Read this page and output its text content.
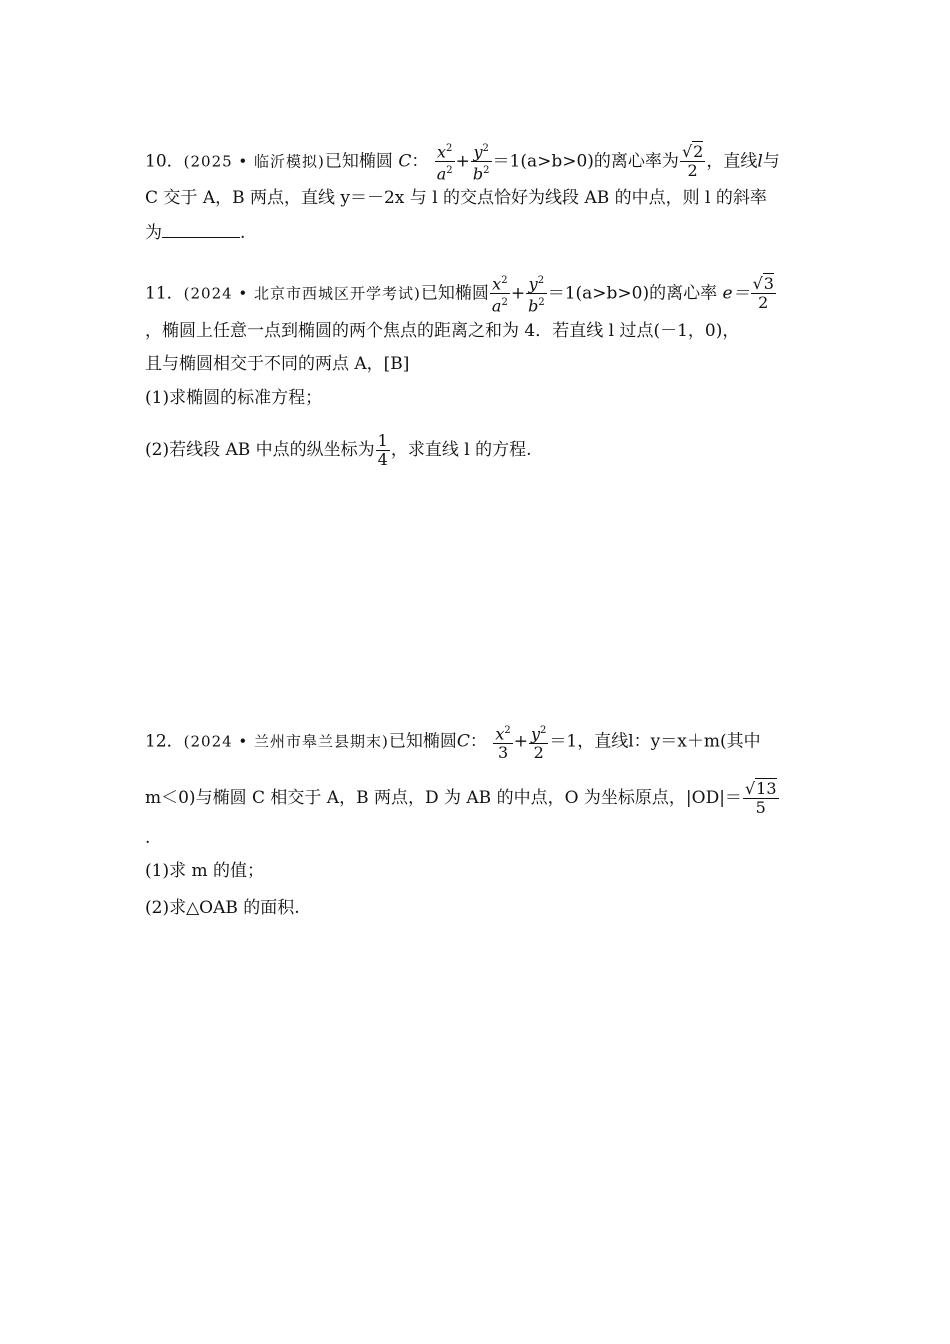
10．(2025 • 临沂模拟)已知椭圆 C： $\frac{x^2}{a^2} + \frac{y^2}{b^2} =1(a>b>0)$的离心率为 $\frac{√2}{2}$ ，直线l与
C 交于 A，B 两点，直线 y＝－2x 与 l 的交点恰好为线段 AB 的中点，则 l 的斜率
为	.
11．(2024 • 北京市西城区开学考试)已知椭圆 $\frac{x^2}{a^2} + \frac{y^2}{b^2} =1(a>b>0)$的离心率 $e= \frac{√3}{2}$
，椭圆上任意一点到椭圆的两个焦点的距离之和为 4．若直线 l 过点(－1，0)，
且与椭圆相交于不同的两点 A，[B]
(1)求椭圆的标准方程；
(2)若线段 AB 中点的纵坐标为 $\frac{1}{4}$ ，求直线 l 的方程.
12．(2024 • 兰州市皋兰县期末)已知椭圆C： $\frac{x^2}{3} + \frac{y^2}{2} =1$，直线l：y＝x＋m(其中
m＜0)与椭圆 C 相交于 A，B 两点，D 为 AB 的中点，O 为坐标原点，$|OD|= \frac{√13}{5}$
.
(1)求 m 的值；
(2)求△OAB 的面积.
